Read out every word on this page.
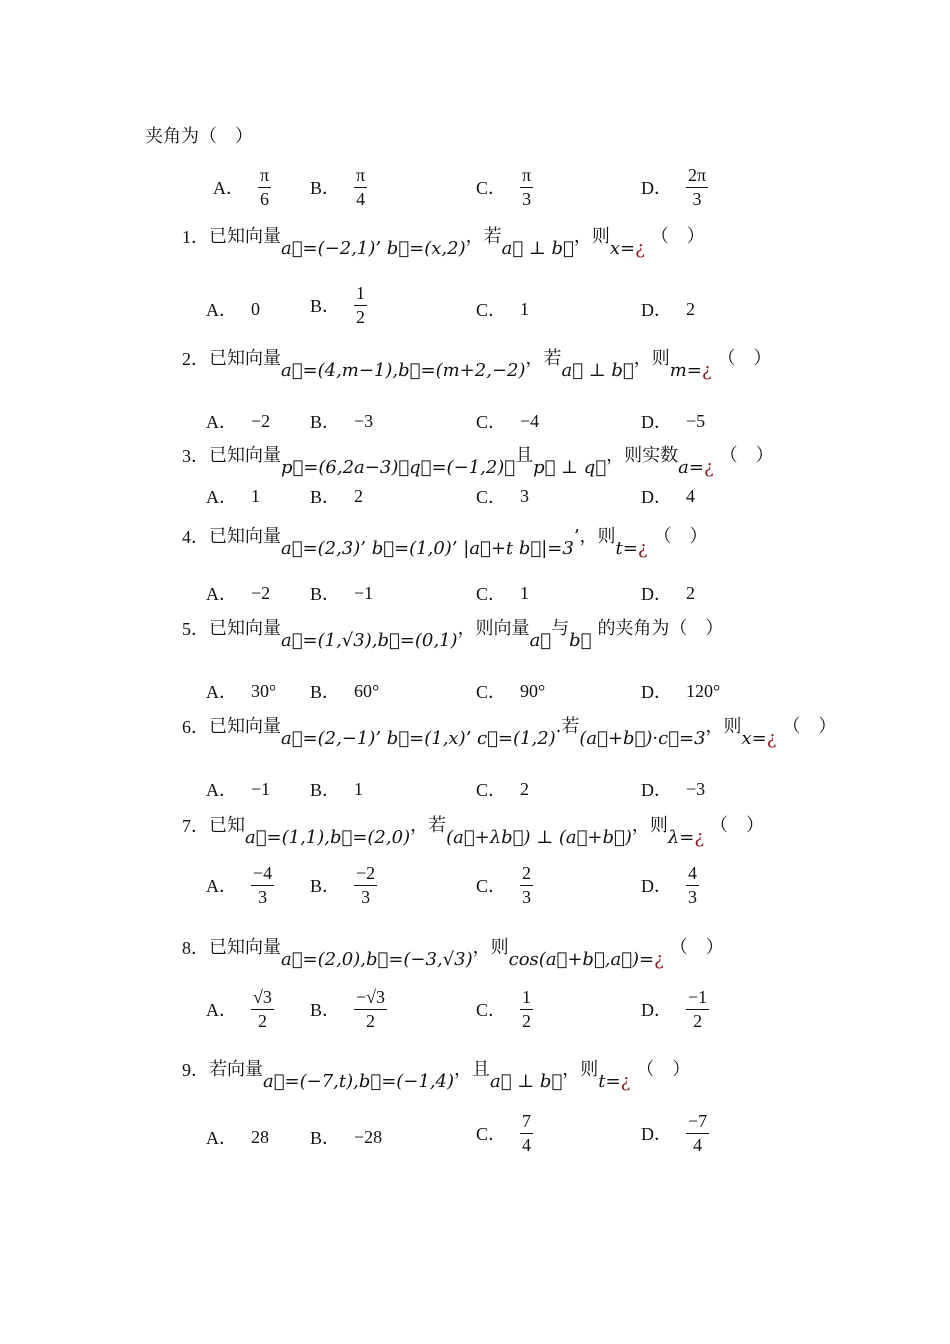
夹角为（　）
A． $\frac{\pi}{6}$ B． $\frac{\pi}{4}$	C． $\frac{\pi}{3}$	D． $\frac{2\pi}{3}$
1． 已知向量
a⃗=(−2,1)’ b⃗=(x,2)
，若
a⃗ ⊥ b⃗
，则
x= ¿
（　）
A． 0	B． $\frac{1}{2}$	C． 1	D． 2
2． 已知向量
a⃗=(4,m−1),b⃗=(m+2,−2)
，若
a⃗ ⊥ b⃗
，则
m= ¿
（　）
A． −2 B． −3	C． −4	D． −5
3． 已知向量
p⃗=(6,2a−3)，q⃗=(−1,2)，
且
p⃗ ⊥ q⃗
，则实数
a= ¿
（　）
A． 1	B． 2	C． 3	D． 4
4． 已知向量
a⃗=(2,3)’ b⃗=(1,0)’ |a⃗+t b⃗|=3
’， 则
t= ¿
（　）
A． −2 B． −1	C． 1	D． 2
5． 已知向量
a⃗=(1,√3),b⃗=(0,1)
，则向量
a⃗
与
b⃗
的夹角为（　）
A． 30° B． 60°	C． 90°	D． 120°
6． 已知向量
a⃗=(2,−1)’ b⃗=(1,x)’ c⃗=(1,2)
.若
(a⃗+b⃗)·c⃗=3
，则
x= ¿
（　）
A． −1 B． 1	C． 2	D． −3
7． 已知
a⃗=(1,1),b⃗=(2,0)
，若
(a⃗+λb⃗) ⊥ (a⃗+b⃗)
，则
λ= ¿
（　）
A． $\frac{-4}{3}$ B． $\frac{-2}{3}$	C． $\frac{2}{3}$	D． $\frac{4}{3}$
8． 已知向量
a⃗=(2,0),b⃗=(−3,√3)
，则
cos(a⃗+b⃗,a⃗)= ¿
（　）
A． $\frac{√3}{2}$ B． $\frac{-√3}{2}$	C． $\frac{1}{2}$	D． $\frac{-1}{2}$
9． 若向量
a⃗=(−7,t),b⃗=(−1,4)
，且
a⃗ ⊥ b⃗
，则
t= ¿
（　）
A． 28 B． −28	C． $\frac{7}{4}$	D． $\frac{-7}{4}$
